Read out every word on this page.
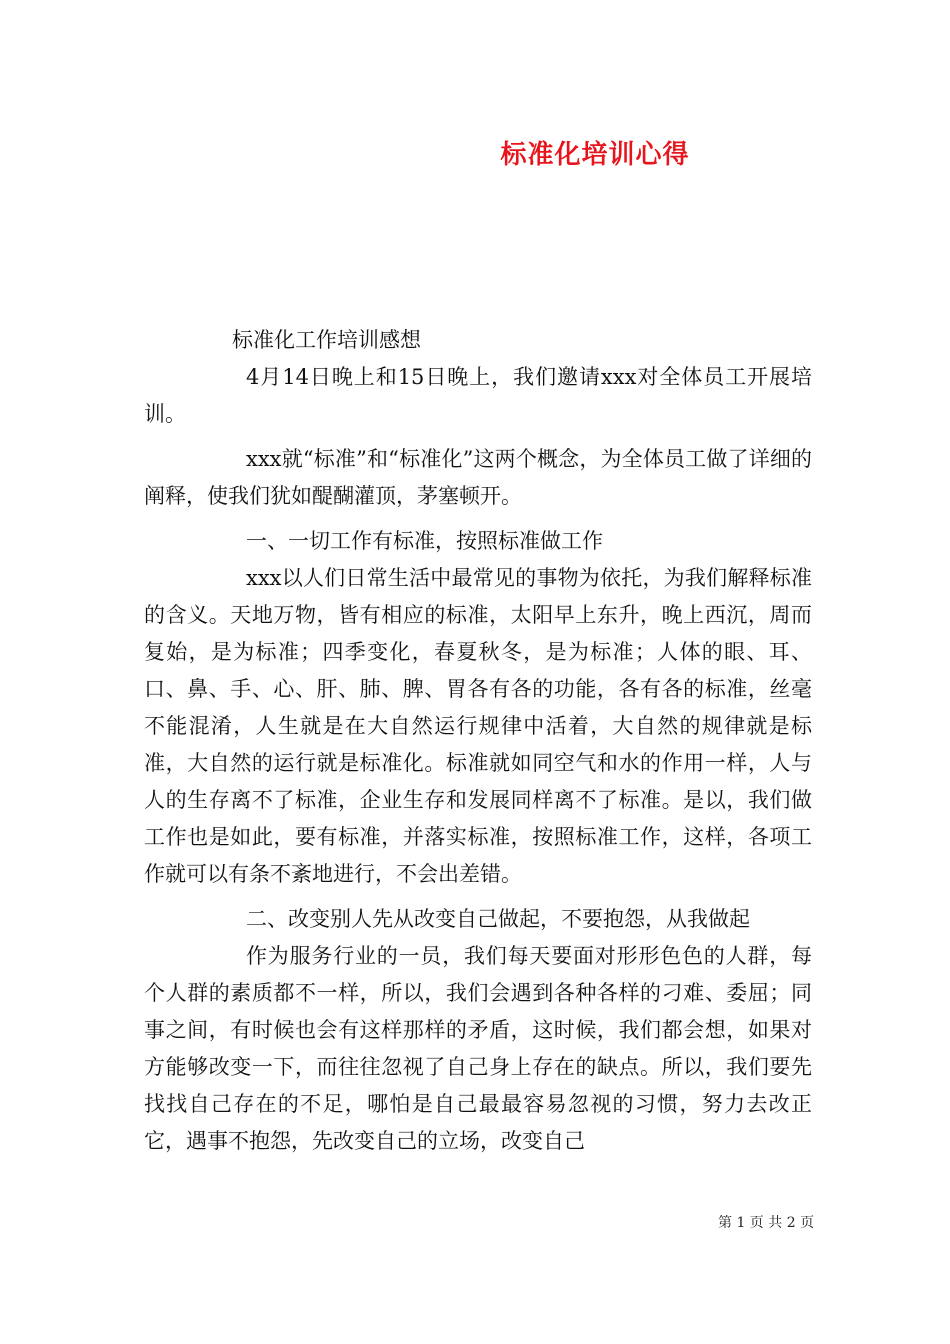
标准化培训心得

标准化工作培训感想

4月14日晚上和15日晚上，我们邀请xxx对全体员工开展培训。

xxx就“标准”和“标准化”这两个概念，为全体员工做了详细的阐释，使我们犹如醍醐灌顶，茅塞顿开。

一、一切工作有标准，按照标准做工作

xxx以人们日常生活中最常见的事物为依托，为我们解释标准的含义。天地万物，皆有相应的标准，太阳早上东升，晚上西沉，周而复始，是为标准；四季变化，春夏秋冬，是为标准；人体的眼、耳、口、鼻、手、心、肝、肺、脾、胃各有各的功能，各有各的标准，丝毫不能混淆，人生就是在大自然运行规律中活着，大自然的规律就是标准，大自然的运行就是标准化。标准就如同空气和水的作用一样，人与人的生存离不了标准，企业生存和发展同样离不了标准。是以，我们做工作也是如此，要有标准，并落实标准，按照标准工作，这样，各项工作就可以有条不紊地进行，不会出差错。

二、改变别人先从改变自己做起，不要抱怨，从我做起

作为服务行业的一员，我们每天要面对形形色色的人群，每个人群的素质都不一样，所以，我们会遇到各种各样的刁难、委屈；同事之间，有时候也会有这样那样的矛盾，这时候，我们都会想，如果对方能够改变一下，而往往忽视了自己身上存在的缺点。所以，我们要先找找自己存在的不足，哪怕是自己最最容易忽视的习惯，努力去改正它，遇事不抱怨，先改变自己的立场，改变自己

第 1 页 共 2 页
